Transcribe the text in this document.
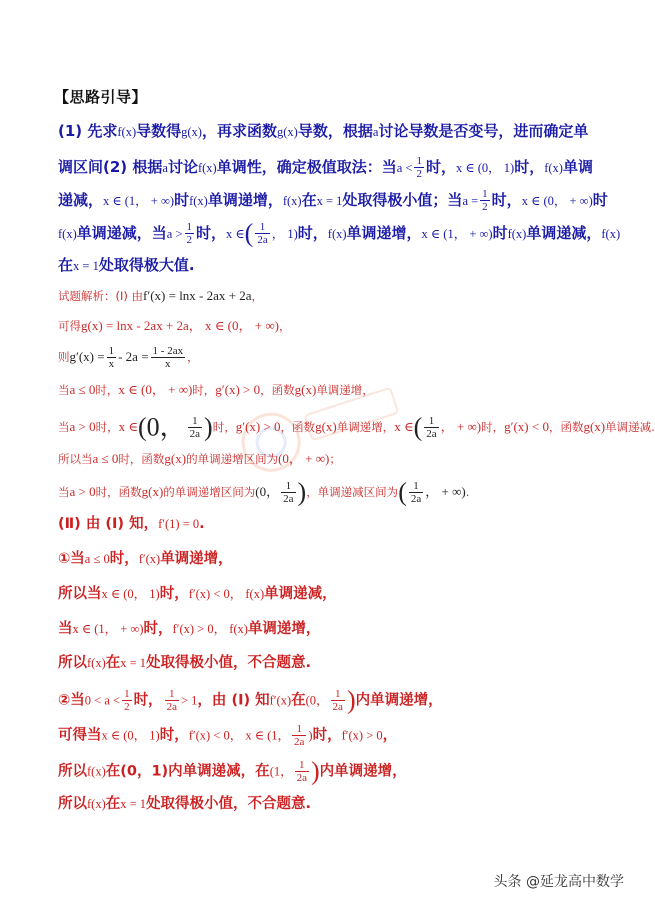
【思路引导】
(1) 先求f(x)导数得g(x)，再求函数g(x)导数，根据a讨论导数是否变号，进而确定单
调区间(2) 根据a讨论f(x)单调性，确定极值取法：当$a < \frac{1}{2}$ 时，x ∈ (0， 1)时，f(x)单调
递减，x ∈ (1， + ∞)时f(x)单调递增，f(x)在x = 1处取得极小值；当$a = \frac{1}{2}$ 时，x ∈ (0， + ∞)时
f(x)单调递减，当$a > \frac{1}{2}$ 时，x ∈( $\frac{1}{2a}$ ， 1)时，f(x)单调递增，x ∈ (1， + ∞)时f(x)单调递减，f(x)
在x = 1处取得极大值.
试题解析：(Ⅰ) 由f′(x) = lnx - 2ax + 2a，
可得g(x) = lnx - 2ax + 2a， x ∈ (0， + ∞)，
则$g'(x) = \frac{1}{x} - 2a = \frac{1 - 2ax}{x}$ ，
当a ≤ 0时，x ∈ (0， + ∞)时，g′(x) > 0，函数g(x)单调递增，
当a > 0时，x ∈(0， $\frac{1}{2a}$ )时，g′(x) > 0，函数g(x)单调递增，x ∈( $\frac{1}{2a}$ ， + ∞)时，g′(x) < 0，函数g(x)单调递减.
所以当a ≤ 0时，函数g(x)的单调递增区间为(0， + ∞)；
当a > 0时，函数g(x)的单调递增区间为(0， $\frac{1}{2a}$ )，单调递减区间为( $\frac{1}{2a}$ ， + ∞).
(Ⅱ) 由 (Ⅰ) 知，f′(1) = 0.
①当a ≤ 0时，f′(x)单调递增，
所以当x ∈ (0， 1)时，f′(x) < 0， f(x)单调递减，
当x ∈ (1， + ∞)时，f′(x) > 0， f(x)单调递增，
所以f(x)在x = 1处取得极小值，不合题意.
②当$0 < a < \frac{1}{2}$ 时， $\frac{1}{2a} > 1$，由 (Ⅰ) 知f′(x)在(0， $\frac{1}{2a}$ )内单调递增，
可得当x ∈ (0， 1)时，f′(x) < 0， x ∈ (1， $\frac{1}{2a}$ )时，f′(x) > 0，
所以f(x)在(0，1)内单调递减，在(1， $\frac{1}{2a}$ )内单调递增，
所以f(x)在x = 1处取得极小值，不合题意.
头条 @延龙高中数学
